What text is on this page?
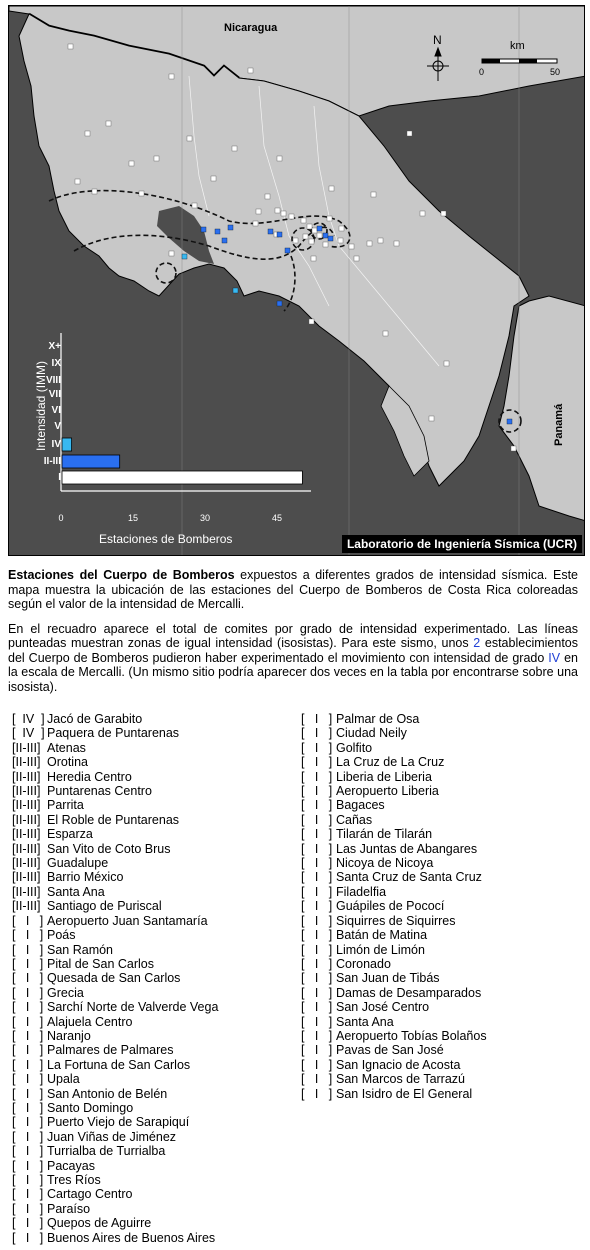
Nicaragua
Panamá
N	km
0	50
X+
IX
VIII
VII
VI
V
IV
II-III
I
0	15	30	45
Intensidad (IMM)
Estaciones de Bomberos	Laboratorio de Ingeniería Sísmica (UCR)

Estaciones del Cuerpo de Bomberos expuestos a diferentes grados de intensidad sísmica. Este mapa muestra la ubicación de las estaciones del Cuerpo de Bomberos de Costa Rica coloreadas según el valor de la intensidad de Mercalli.

En el recuadro aparece el total de comites por grado de intensidad experimentado. Las líneas punteadas muestran zonas de igual intensidad (isosistas). Para este sismo, unos 2 establecimientos del Cuerpo de Bomberos pudieron haber experimentado el movimiento con intensidad de grado IV en la escala de Mercalli. (Un mismo sitio podría aparecer dos veces en la tabla por encontrarse sobre una isosista).

[  IV  ] Jacó de Garabito
[  IV  ] Paquera de Puntarenas
[II-III] Atenas
[II-III] Orotina
[II-III] Heredia Centro
[II-III] Puntarenas Centro
[II-III] Parrita
[II-III] El Roble de Puntarenas
[II-III] Esparza
[II-III] San Vito de Coto Brus
[II-III] Guadalupe
[II-III] Barrio México
[II-III] Santa Ana
[II-III] Santiago de Puriscal
[   I   ] Aeropuerto Juan Santamaría
[   I   ] Poás
[   I   ] San Ramón
[   I   ] Pital de San Carlos
[   I   ] Quesada de San Carlos
[   I   ] Grecia
[   I   ] Sarchí Norte de Valverde Vega
[   I   ] Alajuela Centro
[   I   ] Naranjo
[   I   ] Palmares de Palmares
[   I   ] La Fortuna de San Carlos
[   I   ] Upala
[   I   ] San Antonio de Belén
[   I   ] Santo Domingo
[   I   ] Puerto Viejo de Sarapiquí
[   I   ] Juan Viñas de Jiménez
[   I   ] Turrialba de Turrialba
[   I   ] Pacayas
[   I   ] Tres Ríos
[   I   ] Cartago Centro
[   I   ] Paraíso
[   I   ] Quepos de Aguirre
[   I   ] Buenos Aires de Buenos Aires
[   I   ] Palmar de Osa
[   I   ] Ciudad Neily
[   I   ] Golfito
[   I   ] La Cruz de La Cruz
[   I   ] Liberia de Liberia
[   I   ] Aeropuerto Liberia
[   I   ] Bagaces
[   I   ] Cañas
[   I   ] Tilarán de Tilarán
[   I   ] Las Juntas de Abangares
[   I   ] Nicoya de Nicoya
[   I   ] Santa Cruz de Santa Cruz
[   I   ] Filadelfia
[   I   ] Guápiles de Pococí
[   I   ] Siquirres de Siquirres
[   I   ] Batán de Matina
[   I   ] Limón de Limón
[   I   ] Coronado
[   I   ] San Juan de Tibás
[   I   ] Damas de Desamparados
[   I   ] San José Centro
[   I   ] Santa Ana
[   I   ] Aeropuerto Tobías Bolaños
[   I   ] Pavas de San José
[   I   ] San Ignacio de Acosta
[   I   ] San Marcos de Tarrazú
[   I   ] San Isidro de El General
